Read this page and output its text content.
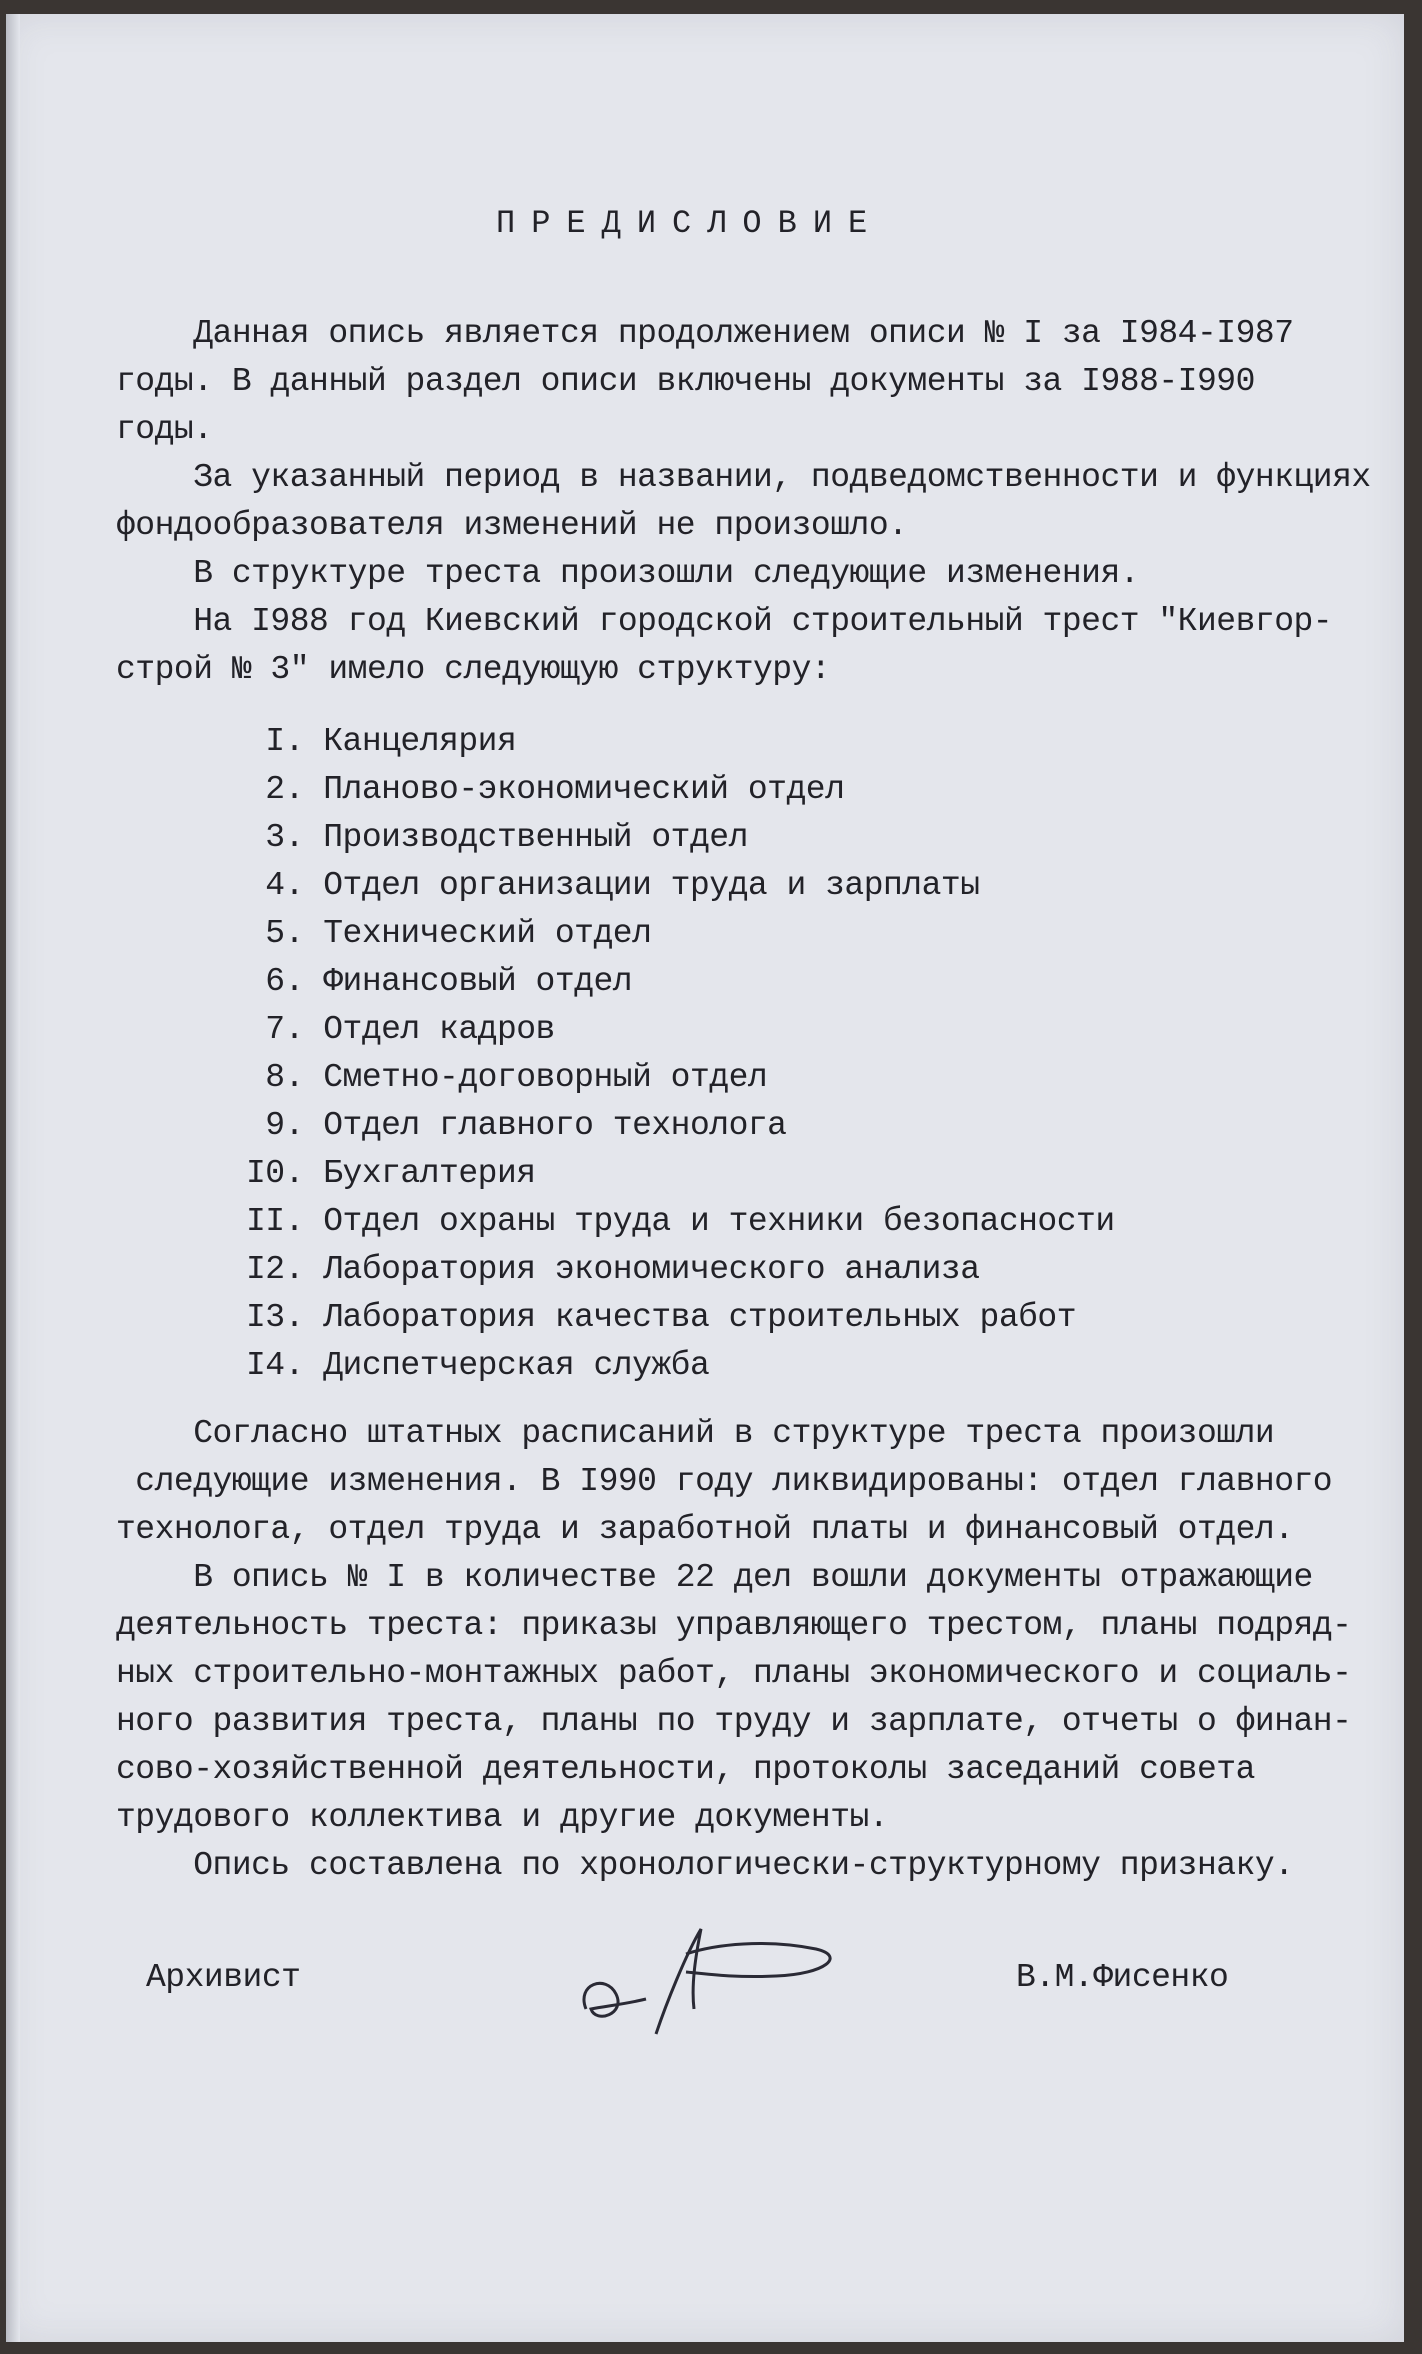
ПРЕДИСЛОВИЕ
Данная опись является продолжением описи № I за I984-I987
годы. В данный раздел описи включены документы за I988-I990
годы.
За указанный период в названии, подведомственности и функциях
фондообразователя изменений не произошло.
В структуре треста произошли следующие изменения.
На I988 год Киевский городской строительный трест "Киевгор-
строй № 3" имело следующую структуру:
I. Канцелярия
2. Планово-экономический отдел
3. Производственный отдел
4. Отдел организации труда и зарплаты
5. Технический отдел
6. Финансовый отдел
7. Отдел кадров
8. Сметно-договорный отдел
9. Отдел главного технолога
I0. Бухгалтерия
II. Отдел охраны труда и техники безопасности
I2. Лаборатория экономического анализа
I3. Лаборатория качества строительных работ
I4. Диспетчерская служба
Согласно штатных расписаний в структуре треста произошли
следующие изменения. В I990 году ликвидированы: отдел главного
технолога, отдел труда и заработной платы и финансовый отдел.
В опись № I в количестве 22 дел вошли документы отражающие
деятельность треста: приказы управляющего трестом, планы подряд-
ных строительно-монтажных работ, планы экономического и социаль-
ного развития треста, планы по труду и зарплате, отчеты о финан-
сово-хозяйственной деятельности, протоколы заседаний совета
трудового коллектива и другие документы.
Опись составлена по хронологически-структурному признаку.
Архивист	В.М.Фисенко
